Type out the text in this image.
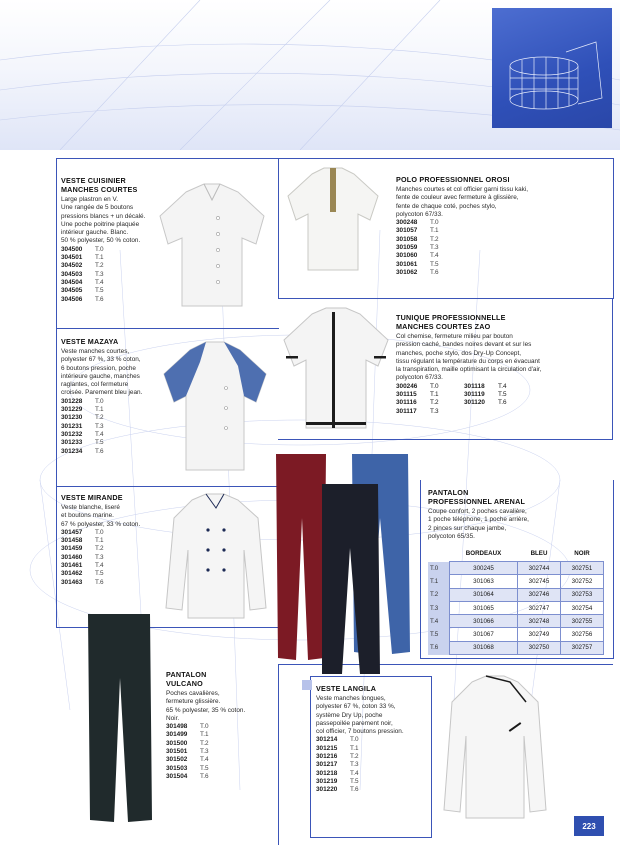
VESTE CUISINIER
MANCHES COURTES
Large plastron en V.
Une rangée de 5 boutons
pressions blancs + un décalé.
Une poche poitrine plaquée
intérieur gauche. Blanc.
50 % polyester, 50 % coton.
304500	T.0
304501	T.1
304502	T.2
304503	T.3
304504	T.4
304505	T.5
304506	T.6
POLO PROFESSIONNEL OROSI
Manches courtes et col officier garni tissu kaki,
fente de couleur avec fermeture à glissière,
fente de chaque coté, poches stylo,
polycoton 67/33.
300248	T.0
301057	T.1
301058	T.2
301059	T.3
301060	T.4
301061	T.5
301062	T.6
TUNIQUE PROFESSIONNELLE
MANCHES COURTES ZAO
Col chemise, fermeture milieu par bouton
pression caché, bandes noires devant et sur les
manches, poche stylo, dos Dry-Up Concept,
tissu régulant la température du corps en évacuant
la transpiration, maille optimisant la circulation d'air,
polycoton 67/33.
300246	T.0	301118	T.4
301115	T.1	301119	T.5
301116	T.2	301120	T.6
301117	T.3
VESTE MAZAYA
Veste manches courtes,
polyester 67 %, 33 % coton,
6 boutons pression, poche
intérieure gauche, manches
raglantes, col fermeture
croisée. Parement bleu jean.
301228	T.0
301229	T.1
301230	T.2
301231	T.3
301232	T.4
301233	T.5
301234	T.6
VESTE MIRANDE
Veste blanche, liseré
et boutons marine.
67 % polyester, 33 % coton.
301457	T.0
301458	T.1
301459	T.2
301460	T.3
301461	T.4
301462	T.5
301463	T.6
PANTALON
PROFESSIONNEL ARENAL
Coupe confort, 2 poches cavalière,
1 poche téléphone, 1 poche arrière,
2 pinces sur chaque jambe,
polycoton 65/35.
	BORDEAUX	BLEU	NOIR
T.0	300245	302744	302751
T.1	301063	302745	302752
T.2	301064	302746	302753
T.3	301065	302747	302754
T.4	301066	302748	302755
T.5	301067	302749	302756
T.6	301068	302750	302757
PANTALON
VULCANO
Poches cavalières,
fermeture glissière.
65 % polyester, 35 % coton.
Noir.
301498	T.0
301499	T.1
301500	T.2
301501	T.3
301502	T.4
301503	T.5
301504	T.6
VESTE LANGILA
Veste manches longues,
polyester 67 %, coton 33 %,
système Dry Up, poche
passepoilée parement noir,
col officier, 7 boutons pression.
301214	T.0
301215	T.1
301216	T.2
301217	T.3
301218	T.4
301219	T.5
301220	T.6
223
